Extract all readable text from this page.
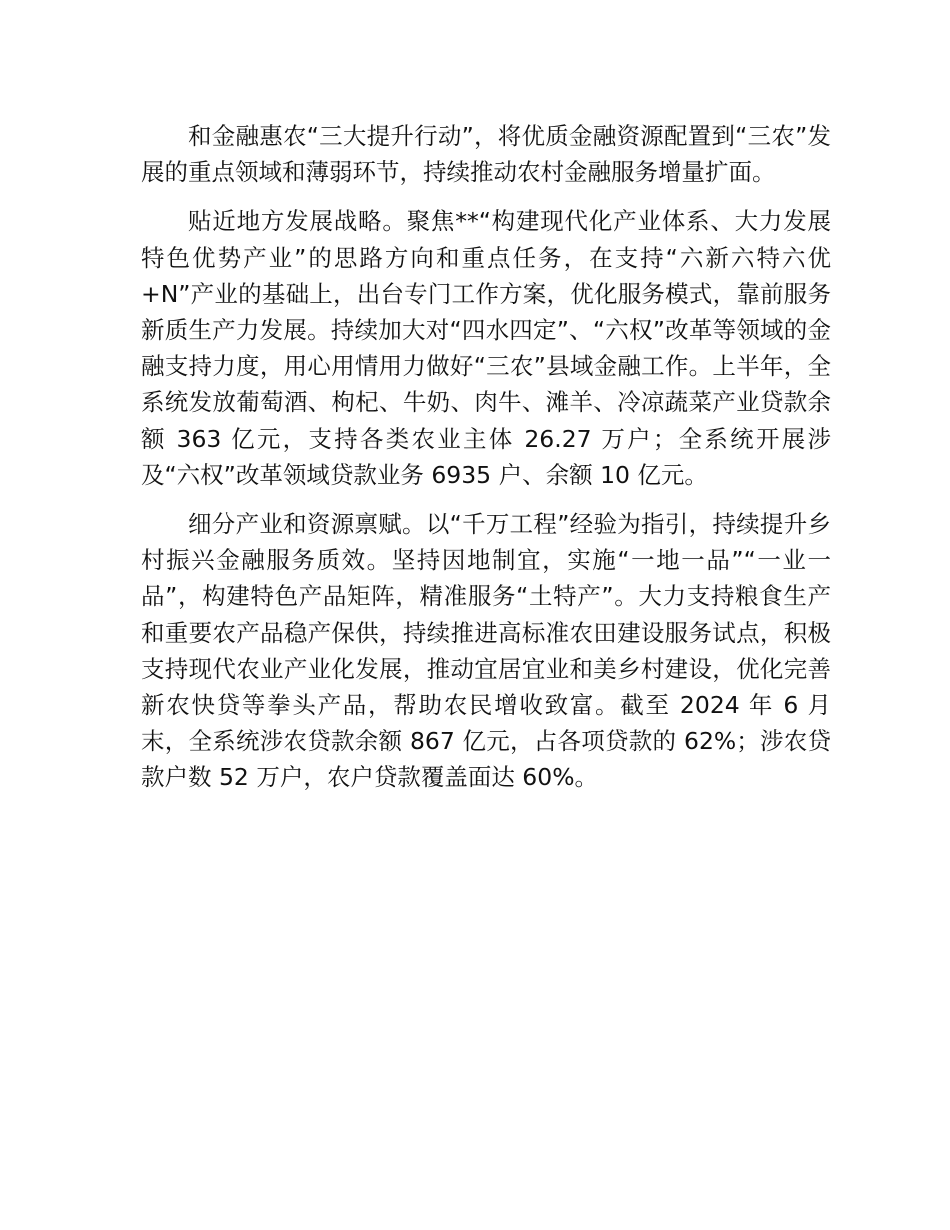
和金融惠农“三大提升行动”，将优质金融资源配置到“三农”发展的重点领域和薄弱环节，持续推动农村金融服务增量扩面。

贴近地方发展战略。聚焦**“构建现代化产业体系、大力发展特色优势产业”的思路方向和重点任务，在支持“六新六特六优+N”产业的基础上，出台专门工作方案，优化服务模式，靠前服务新质生产力发展。持续加大对“四水四定”、“六权”改革等领域的金融支持力度，用心用情用力做好“三农”县域金融工作。上半年，全系统发放葡萄酒、枸杞、牛奶、肉牛、滩羊、冷凉蔬菜产业贷款余额 363 亿元，支持各类农业主体 26.27 万户；全系统开展涉及“六权”改革领域贷款业务 6935 户、余额 10 亿元。

细分产业和资源禀赋。以“千万工程”经验为指引，持续提升乡村振兴金融服务质效。坚持因地制宜，实施“一地一品”“一业一品”，构建特色产品矩阵，精准服务“土特产”。大力支持粮食生产和重要农产品稳产保供，持续推进高标准农田建设服务试点，积极支持现代农业产业化发展，推动宜居宜业和美乡村建设，优化完善新农快贷等拳头产品，帮助农民增收致富。截至 2024 年 6 月末，全系统涉农贷款余额 867 亿元，占各项贷款的 62%；涉农贷款户数 52 万户，农户贷款覆盖面达 60%。
